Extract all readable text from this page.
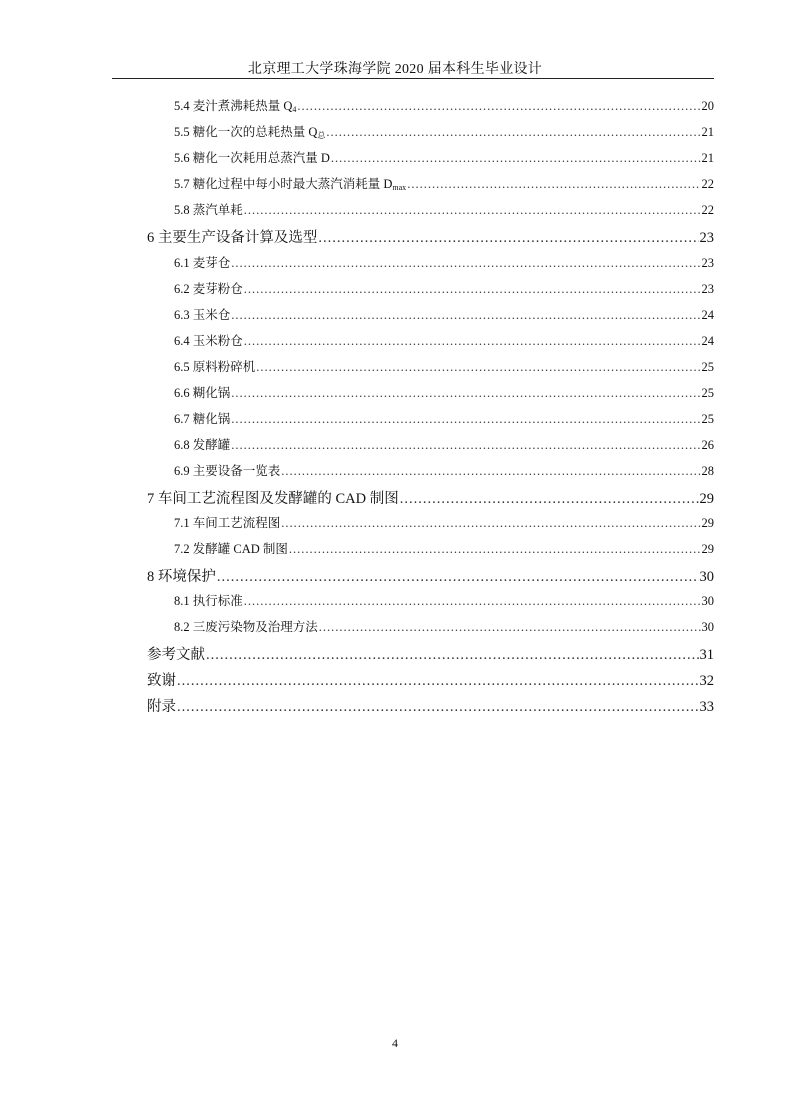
北京理工大学珠海学院 2020 届本科生毕业设计
5.4 麦汁煮沸耗热量 $Q_4$ .....	20
5.5 糖化一次的总耗热量 $Q_总$ .....	21
5.6 糖化一次耗用总蒸汽量 D .....	21
5.7 糖化过程中每小时最大蒸汽消耗量 $D_{max}$ .....	22
5.8 蒸汽单耗 .....	22
6 主要生产设备计算及选型 .....	23
6.1 麦芽仓 .....	23
6.2 麦芽粉仓 .....	23
6.3 玉米仓 .....	24
6.4 玉米粉仓 .....	24
6.5 原料粉碎机 .....	25
6.6 糊化锅 .....	25
6.7 糖化锅 .....	25
6.8 发酵罐 .....	26
6.9 主要设备一览表 .....	28
7 车间工艺流程图及发酵罐的 CAD 制图 .....	29
7.1 车间工艺流程图 .....	29
7.2 发酵罐 CAD 制图 .....	29
8 环境保护 .....	30
8.1 执行标准 .....	30
8.2 三废污染物及治理方法 .....	30
参考文献 .....	31
致谢 .....	32
附录 .....	33
4
